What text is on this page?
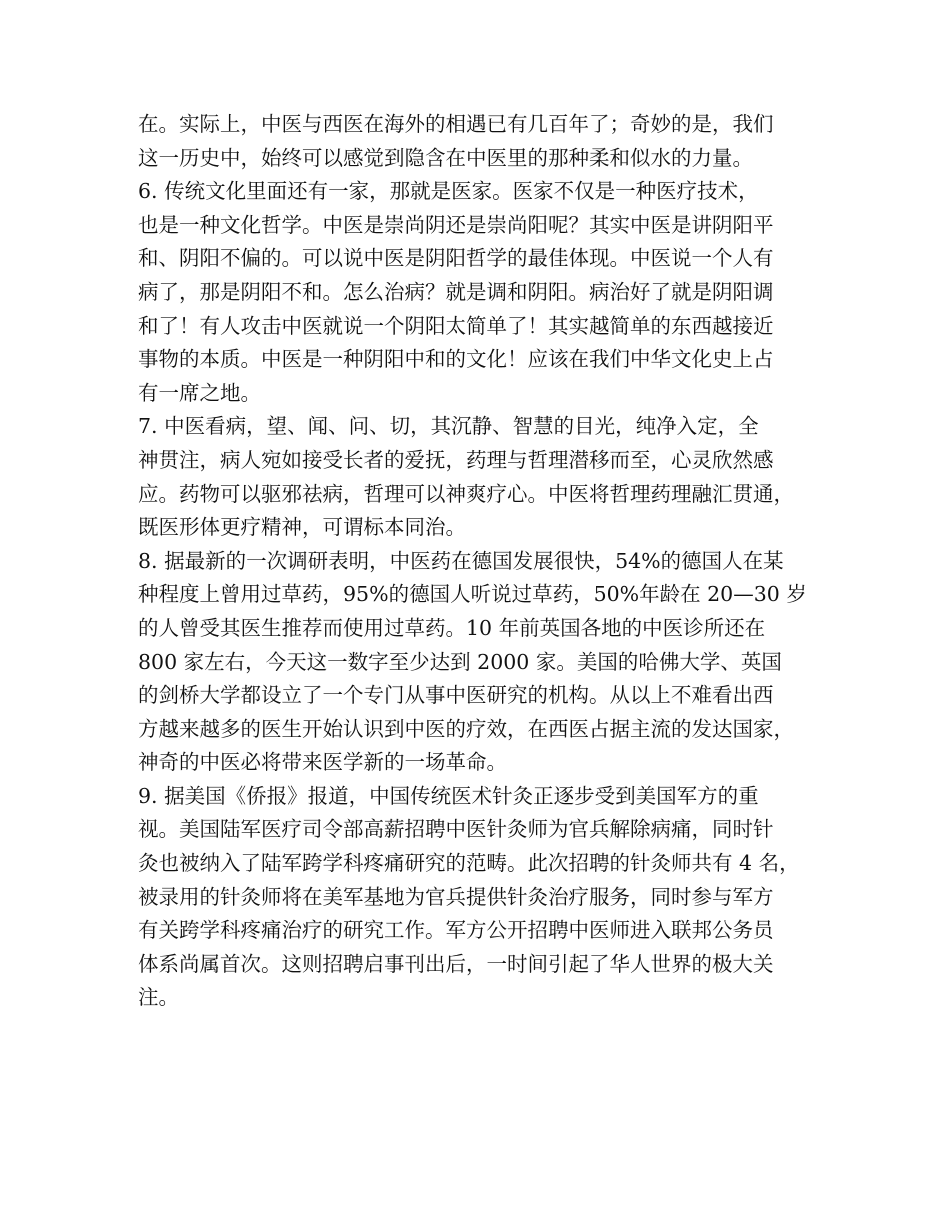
在。实际上，中医与西医在海外的相遇已有几百年了；奇妙的是，我们
这一历史中，始终可以感觉到隐含在中医里的那种柔和似水的力量。
6. 传统文化里面还有一家，那就是医家。医家不仅是一种医疗技术，
也是一种文化哲学。中医是崇尚阴还是崇尚阳呢？其实中医是讲阴阳平
和、阴阳不偏的。可以说中医是阴阳哲学的最佳体现。中医说一个人有
病了，那是阴阳不和。怎么治病？就是调和阴阳。病治好了就是阴阳调
和了！有人攻击中医就说一个阴阳太简单了！其实越简单的东西越接近
事物的本质。中医是一种阴阳中和的文化！应该在我们中华文化史上占
有一席之地。
7. 中医看病，望、闻、问、切，其沉静、智慧的目光，纯净入定，全
神贯注，病人宛如接受长者的爱抚，药理与哲理潜移而至，心灵欣然感
应。药物可以驱邪祛病，哲理可以神爽疗心。中医将哲理药理融汇贯通，
既医形体更疗精神，可谓标本同治。
8. 据最新的一次调研表明，中医药在德国发展很快，54%的德国人在某
种程度上曾用过草药，95%的德国人听说过草药，50%年龄在 20—30 岁
的人曾受其医生推荐而使用过草药。10 年前英国各地的中医诊所还在
800 家左右，今天这一数字至少达到 2000 家。美国的哈佛大学、英国
的剑桥大学都设立了一个专门从事中医研究的机构。从以上不难看出西
方越来越多的医生开始认识到中医的疗效，在西医占据主流的发达国家，
神奇的中医必将带来医学新的一场革命。
9. 据美国《侨报》报道，中国传统医术针灸正逐步受到美国军方的重
视。美国陆军医疗司令部高薪招聘中医针灸师为官兵解除病痛，同时针
灸也被纳入了陆军跨学科疼痛研究的范畴。此次招聘的针灸师共有 4 名，
被录用的针灸师将在美军基地为官兵提供针灸治疗服务，同时参与军方
有关跨学科疼痛治疗的研究工作。军方公开招聘中医师进入联邦公务员
体系尚属首次。这则招聘启事刊出后，一时间引起了华人世界的极大关
注。
